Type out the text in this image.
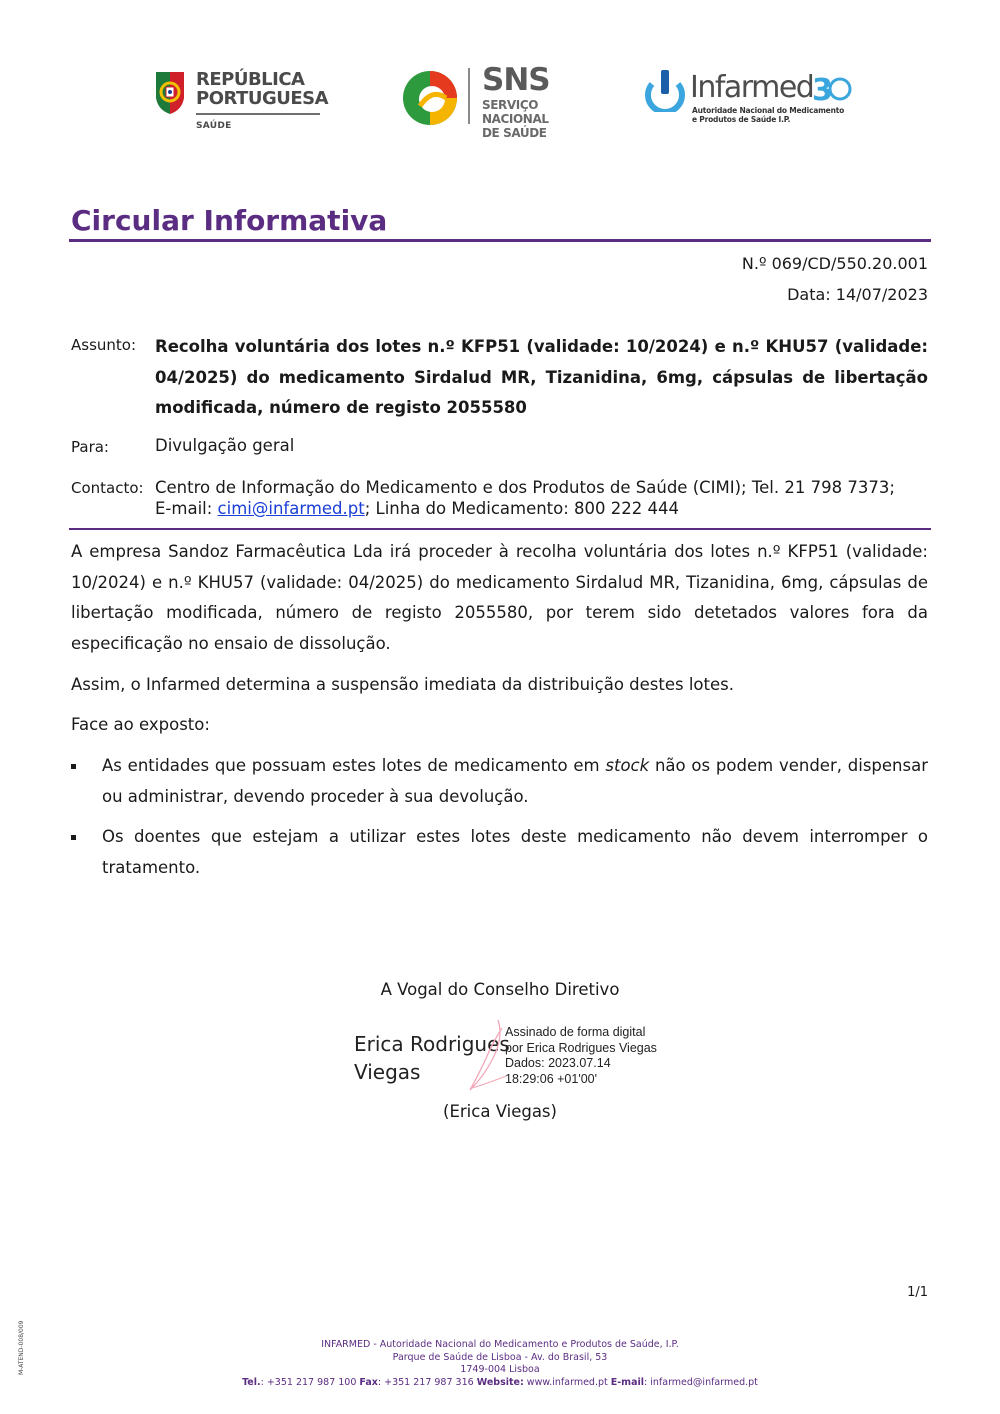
REPÚBLICA
PORTUGUESA
SAÚDE
SNS
SERVIÇO NACIONAL
DE SAÚDE
Infarmed
3
Autoridade Nacional do Medicamento
e Produtos de Saúde I.P.
Circular Informativa
N.º 069/CD/550.20.001
Data: 14/07/2023
Assunto: Recolha voluntária dos lotes n.º KFP51 (validade: 10/2024) e n.º KHU57 (validade: 04/2025) do medicamento Sirdalud MR, Tizanidina, 6mg, cápsulas de libertação modificada, número de registo 2055580
Para:	Divulgação geral
Contacto: Centro de Informação do Medicamento e dos Produtos de Saúde (CIMI); Tel. 21 798 7373;
E-mail: cimi@infarmed.pt; Linha do Medicamento: 800 222 444
A empresa Sandoz Farmacêutica Lda irá proceder à recolha voluntária dos lotes n.º KFP51 (validade: 10/2024) e n.º KHU57 (validade: 04/2025) do medicamento Sirdalud MR, Tizanidina, 6mg, cápsulas de libertação modificada, número de registo 2055580, por terem sido detetados valores fora da especificação no ensaio de dissolução.
Assim, o Infarmed determina a suspensão imediata da distribuição destes lotes.
Face ao exposto:
As entidades que possuam estes lotes de medicamento em stock não os podem vender, dispensar ou administrar, devendo proceder à sua devolução.
Os doentes que estejam a utilizar estes lotes deste medicamento não devem interromper o tratamento.
A Vogal do Conselho Diretivo
Erica Rodrigues
Viegas
Assinado de forma digital
por Erica Rodrigues Viegas
Dados: 2023.07.14
18:29:06 +01'00'
(Erica Viegas)
1/1
M-ATEND-008/009	INFARMED - Autoridade Nacional do Medicamento e Produtos de Saúde, I.P.
Parque de Saúde de Lisboa - Av. do Brasil, 53
1749-004 Lisboa
Tel.: +351 217 987 100 Fax: +351 217 987 316 Website: www.infarmed.pt E-mail: infarmed@infarmed.pt
